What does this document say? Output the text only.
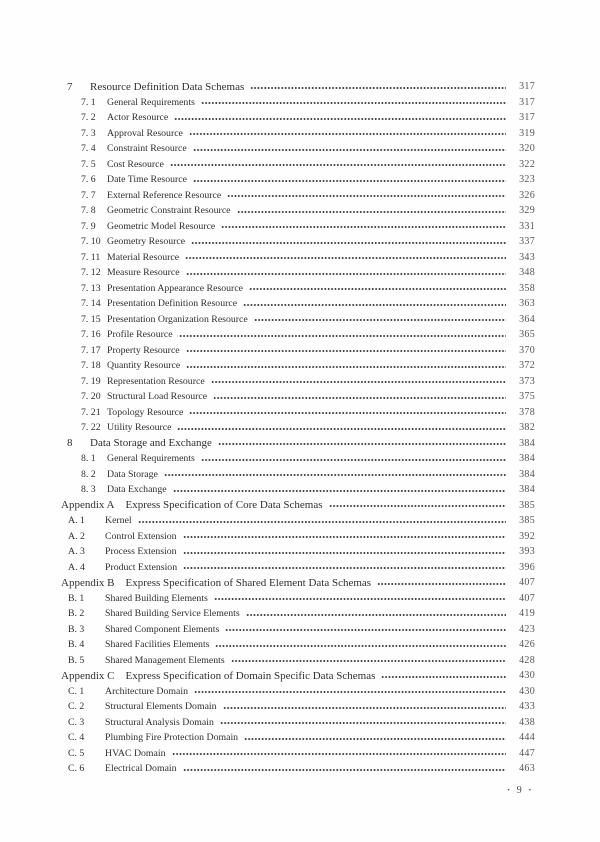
7	Resource Definition Data Schemas	317
7. 1	General Requirements	317
7. 2	Actor Resource	317
7. 3	Approval Resource	319
7. 4	Constraint Resource	320
7. 5	Cost Resource	322
7. 6	Date Time Resource	323
7. 7	External Reference Resource	326
7. 8	Geometric Constraint Resource	329
7. 9	Geometric Model Resource	331
7. 10 Geometry Resource	337
7. 11 Material Resource	343
7. 12 Measure Resource	348
7. 13 Presentation Appearance Resource	358
7. 14 Presentation Definition Resource	363
7. 15 Presentation Organization Resource	364
7. 16 Profile Resource	365
7. 17 Property Resource	370
7. 18 Quantity Resource	372
7. 19 Representation Resource	373
7. 20 Structural Load Resource	375
7. 21 Topology Resource	378
7. 22 Utility Resource	382
8	Data Storage and Exchange	384
8. 1	General Requirements	384
8. 2	Data Storage	384
8. 3	Data Exchange	384
Appendix A Express Specification of Core Data Schemas	385
A. 1	Kernel	385
A. 2	Control Extension	392
A. 3	Process Extension	393
A. 4	Product Extension	396
Appendix B Express Specification of Shared Element Data Schemas	407
B. 1	Shared Building Elements	407
B. 2	Shared Building Service Elements	419
B. 3	Shared Component Elements	423
B. 4	Shared Facilities Elements	426
B. 5	Shared Management Elements	428
Appendix C Express Specification of Domain Specific Data Schemas	430
C. 1	Architecture Domain	430
C. 2	Structural Elements Domain	433
C. 3	Structural Analysis Domain	438
C. 4	Plumbing Fire Protection Domain	444
C. 5	HVAC Domain	447
C. 6	Electrical Domain	463
• 9 •
